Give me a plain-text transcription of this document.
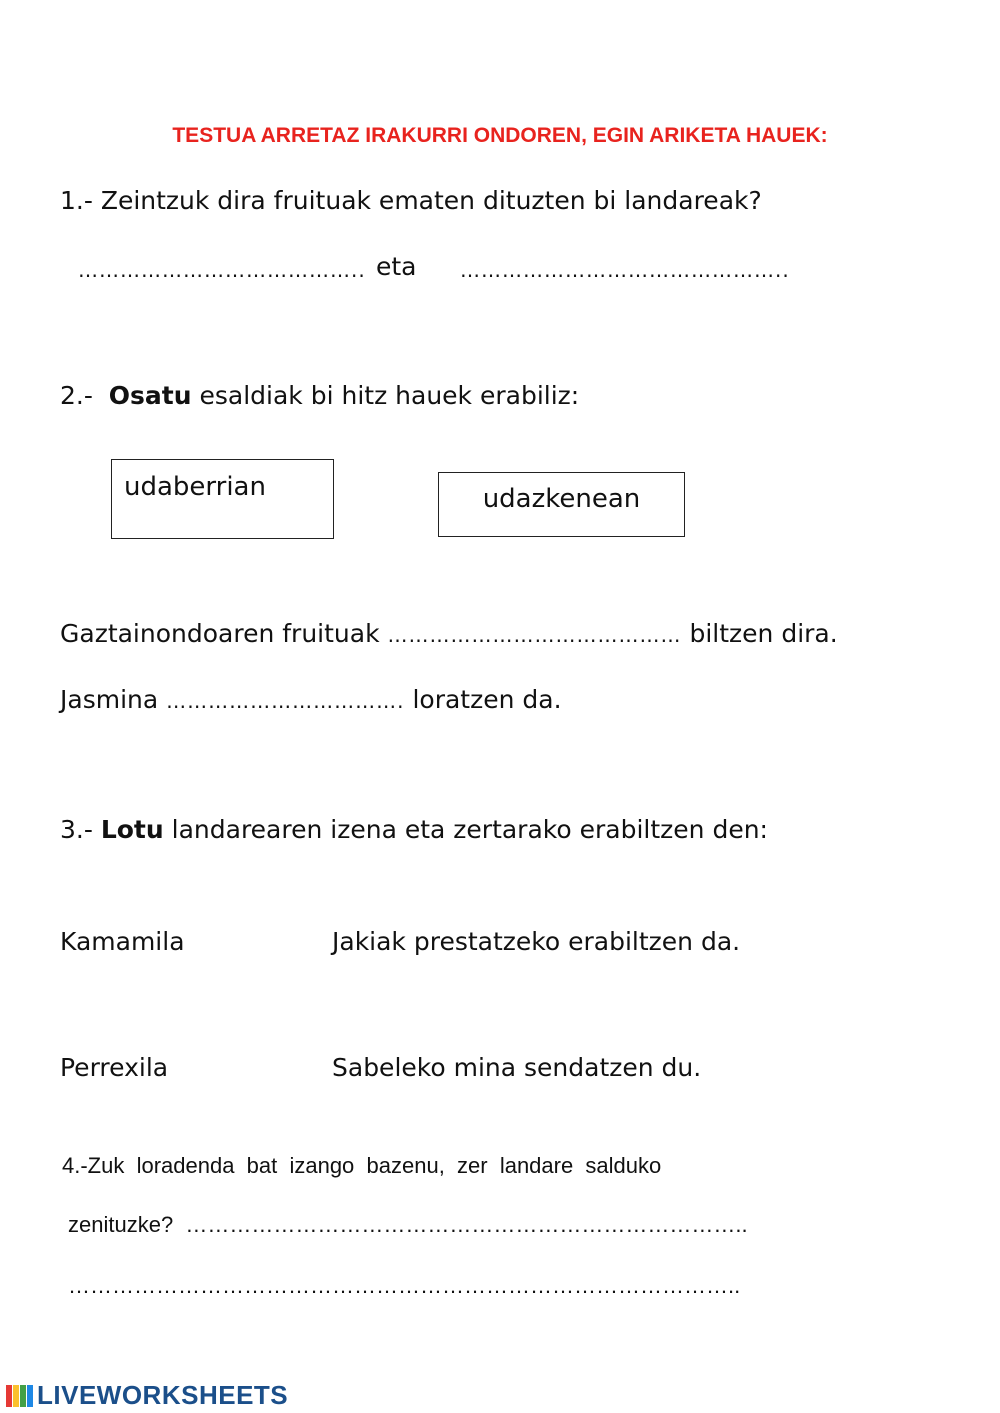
TESTUA ARRETAZ IRAKURRI ONDOREN, EGIN ARIKETA HAUEK:
1.- Zeintzuk dira fruituak ematen dituzten bi landareak?
………………………………….. eta ………………………………………..
2.- Osatu esaldiak bi hitz hauek erabiliz:
udaberrian	udazkenean
Gaztainondoaren fruituak …………………………………… biltzen dira.
Jasmina ……………………………. loratzen da.
3.- Lotu landarearen izena eta zertarako erabiltzen den:
Kamamila	Jakiak prestatzeko erabiltzen da.
Perrexila	Sabeleko mina sendatzen du.
4.-Zuk  loradenda  bat  izango  bazenu,  zer  landare  salduko
zenituzke? …………………………………………………………………..
………………………………………………………………………………..
LIVEWORKSHEETS
